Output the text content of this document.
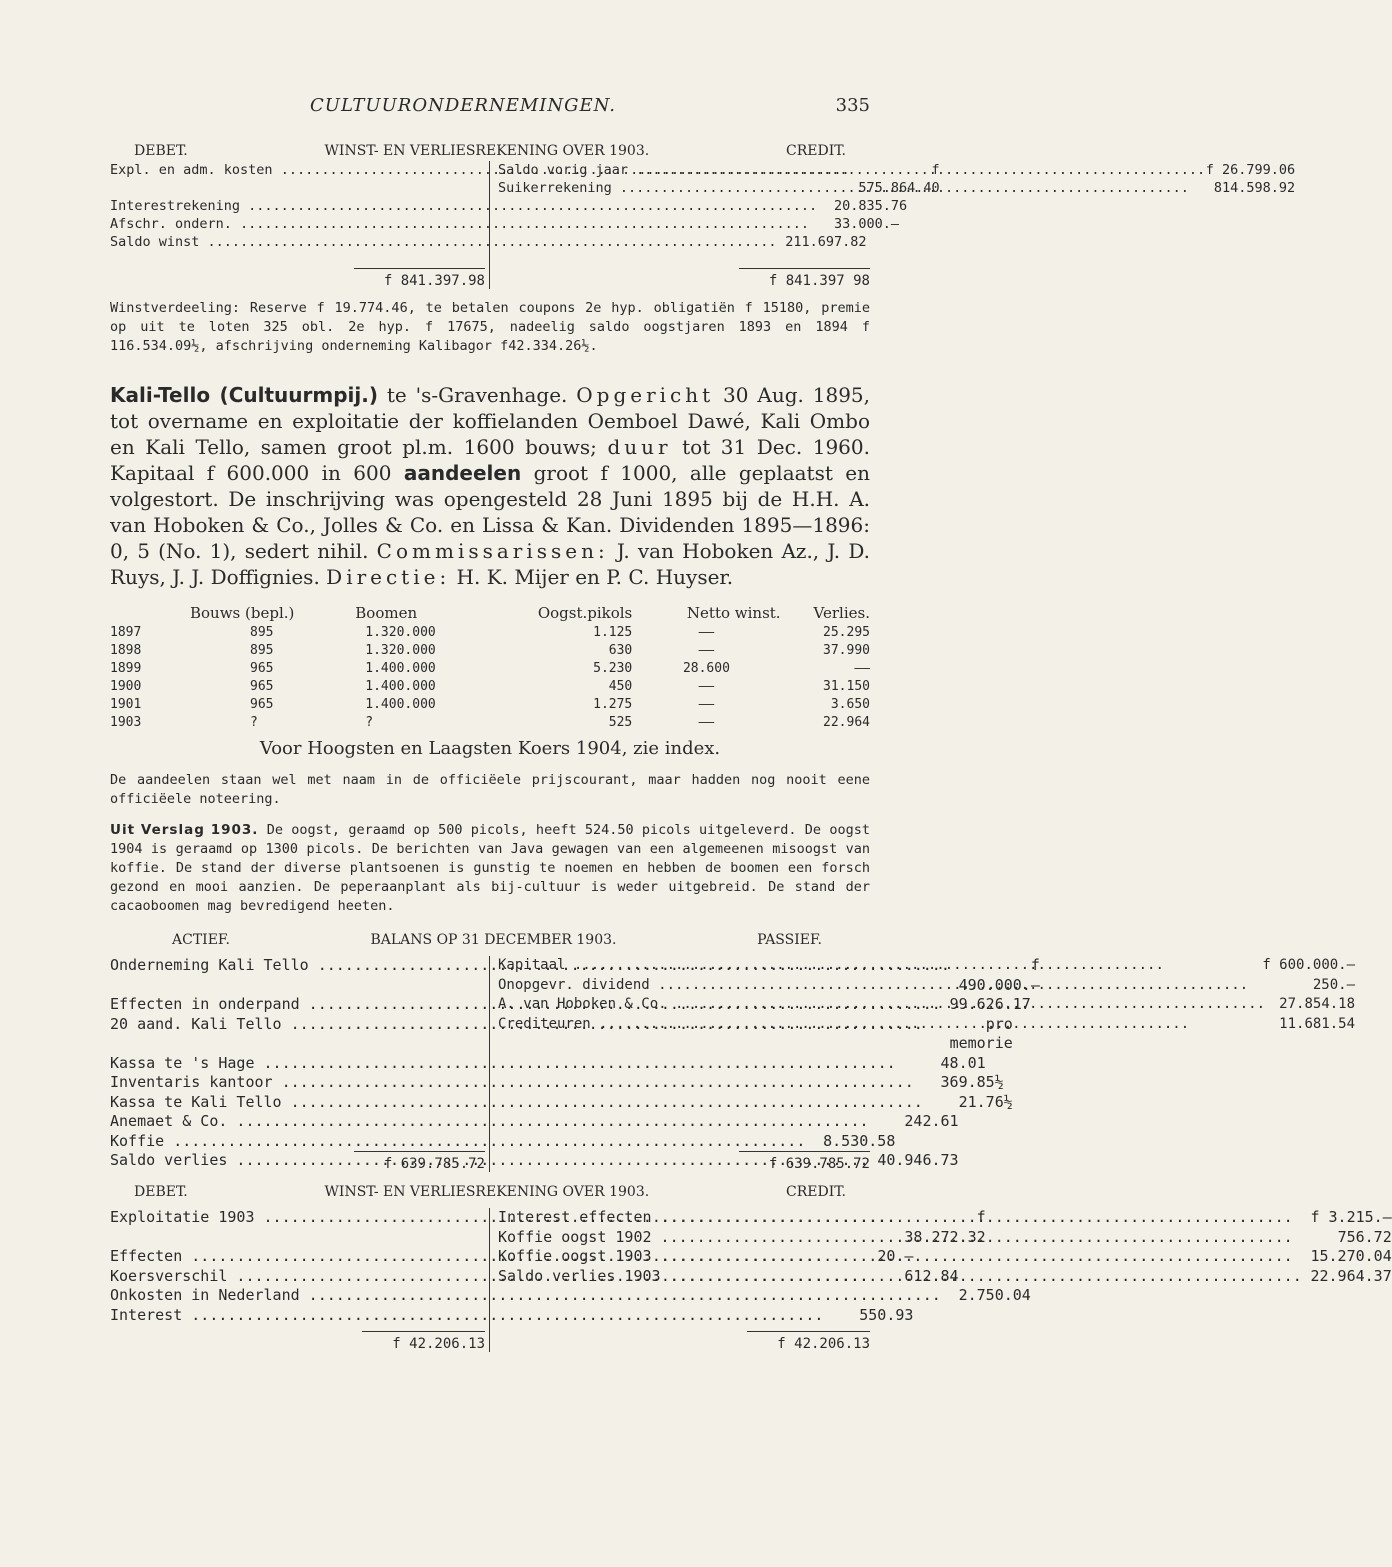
CULTUURONDERNEMINGEN.	335
DEBET.	WINST- EN VERLIESREKENING OVER 1903.	CREDIT.
Expl. en adm. kosten .....	f 575.864.40
Interestrekening .....	20.835.76
Afschr. ondern. .....	33.000.—
Saldo winst .....	211.697.82
Saldo vorig jaar .....	f 26.799.06
Suikerrekening .....	814.598.92
f 841.397.98	f 841.397 98
Winstverdeeling: Reserve f 19.774.46, te betalen coupons 2e hyp. obligatiën f 15180, premie op uit te loten 325 obl. 2e hyp. f 17675, nadeelig saldo oogstjaren 1893 en 1894 f 116.534.09½, afschrijving onderneming Kalibagor f42.334.26½.
Kali-Tello (Cultuurmpij.) te 's-Gravenhage. Opgericht 30 Aug. 1895, tot overname en exploitatie der koffielanden Oemboel Dawé, Kali Ombo en Kali Tello, samen groot pl.m. 1600 bouws; duur tot 31 Dec. 1960. Kapitaal f 600.000 in 600 aandeelen groot f 1000, alle geplaatst en volgestort. De inschrijving was opengesteld 28 Juni 1895 bij de H.H. A. van Hoboken & Co., Jolles & Co. en Lissa & Kan. Dividenden 1895—1896: 0, 5 (No. 1), sedert nihil. Commissarissen: J. van Hoboken Az., J. D. Ruys, J. J. Doffignies. Directie: H. K. Mijer en P. C. Huyser.
	Bouws (bepl.)	Boomen	Oogst.pikols	Netto winst.	Verlies.
1897	895	1.320.000	1.125	——	25.295
1898	895	1.320.000	630	——	37.990
1899	965	1.400.000	5.230	28.600	——
1900	965	1.400.000	450	——	31.150
1901	965	1.400.000	1.275	——	3.650
1903	?	?	525	——	22.964
Voor Hoogsten en Laagsten Koers 1904, zie index.
De aandeelen staan wel met naam in de officiëele prijscourant, maar hadden nog nooit eene officiëele noteering.
Uit Verslag 1903. De oogst, geraamd op 500 picols, heeft 524.50 picols uitgeleverd. De oogst 1904 is geraamd op 1300 picols. De berichten van Java gewagen van een algemeenen misoogst van koffie. De stand der diverse plantsoenen is gunstig te noemen en hebben de boomen een forsch gezond en mooi aanzien. De peperaanplant als bij-cultuur is weder uitgebreid. De stand der cacaoboomen mag bevredigend heeten.
ACTIEF.	BALANS OP 31 DECEMBER 1903.	PASSIEF.
Onderneming Kali Tello .....	f 490.000.—
Effecten in onderpand .....	99.626.17
20 aand. Kali Tello .....	pro memorie
Kassa te 's Hage .....	48.01
Inventaris kantoor .....	369.85½
Kassa te Kali Tello .....	21.76½
Anemaet & Co. .....	242.61
Koffie .....	8.530.58
Saldo verlies .....	40.946.73
Kapitaal .....	f 600.000.—
Onopgevr. dividend .....	250.—
A. van Hoboken & Co. .....	27.854.18
Crediteuren .....	11.681.54
f 639.785.72	f 639.785.72
DEBET.	WINST- EN VERLIESREKENING OVER 1903.	CREDIT.
Exploitatie 1903 .....	f 38.272.32
Effecten .....	20.—
Koersverschil .....	612.84
Onkosten in Nederland .....	2.750.04
Interest .....	550.93
Interest effecten .....	f 3.215.—
Koffie oogst 1902 .....	756.72
Koffie oogst 1903 .....	15.270.04
Saldo verlies 1903 .....	22.964.37
f 42.206.13	f 42.206.13
